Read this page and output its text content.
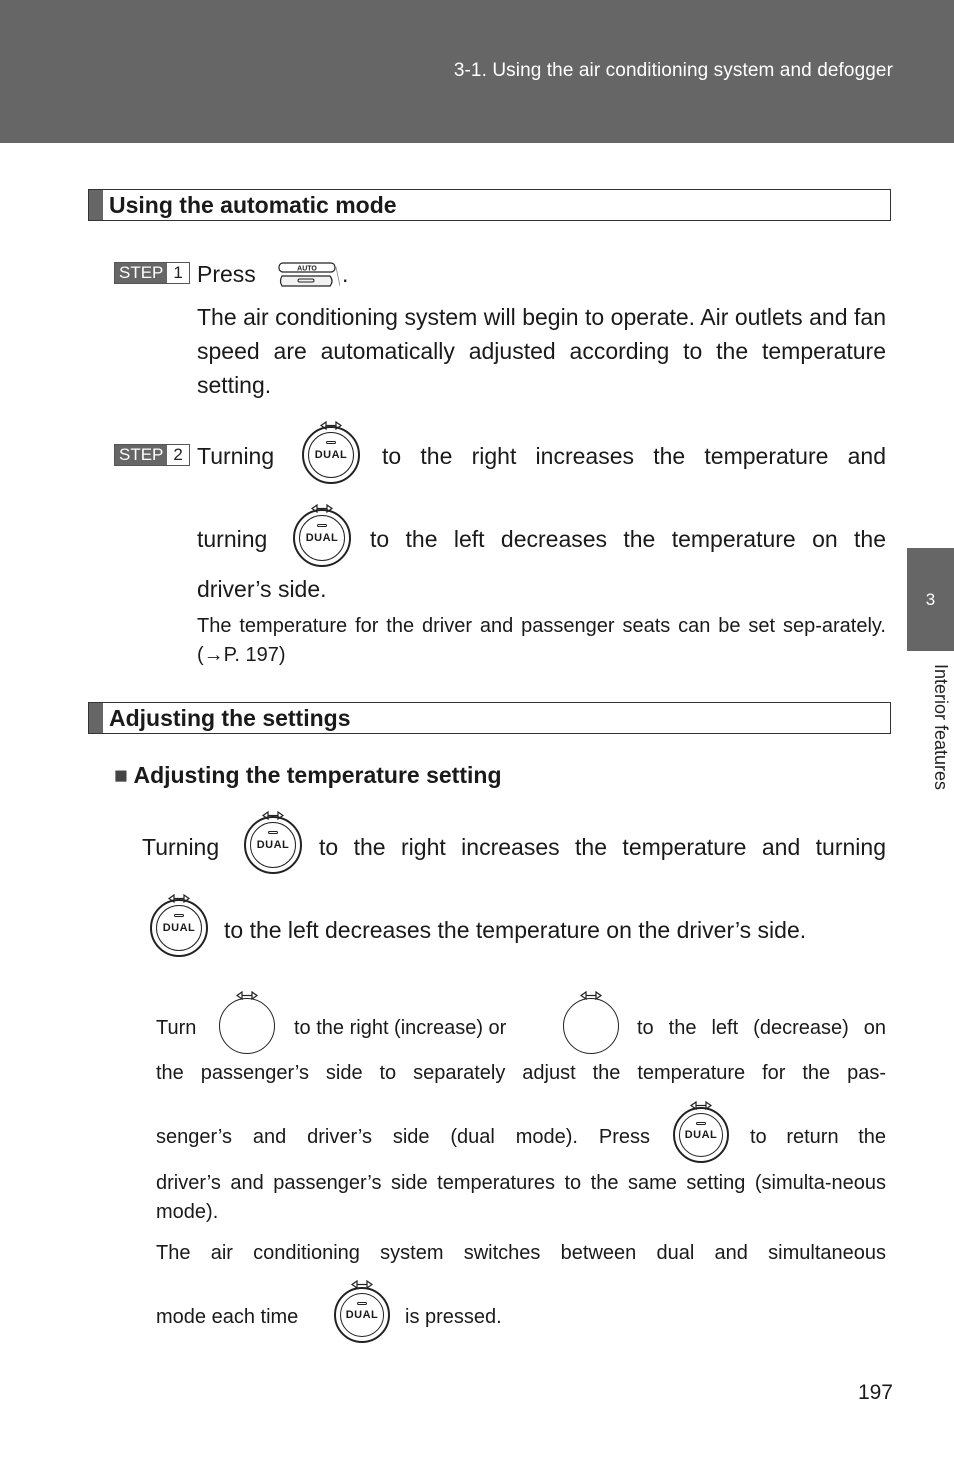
3-1. Using the air conditioning system and defogger
3
Interior features
Using the automatic mode
STEP 1 Press	AUTO .
The air conditioning system will begin to operate. Air outlets and fan speed are automatically adjusted according to the temperature setting.
STEP 2 Turning	DUAL	to the right increases the temperature and
turning	DUAL	to the left decreases the temperature on the
driver’s side.
The temperature for the driver and passenger seats can be set sep-arately. (→P. 197)
Adjusting the settings
■ Adjusting the temperature setting
Turning	DUAL	to the right increases the temperature and turning
DUAL	to the left decreases the temperature on the driver’s side.
Turn	to the right (increase) or	to the left (decrease) on
the passenger’s side to separately adjust the temperature for the pas-
senger’s and driver’s side (dual mode). Press	DUAL	to return the
driver’s and passenger’s side temperatures to the same setting (simulta-neous mode).
The air conditioning system switches between dual and simultaneous
mode each time	DUAL	is pressed.
197
